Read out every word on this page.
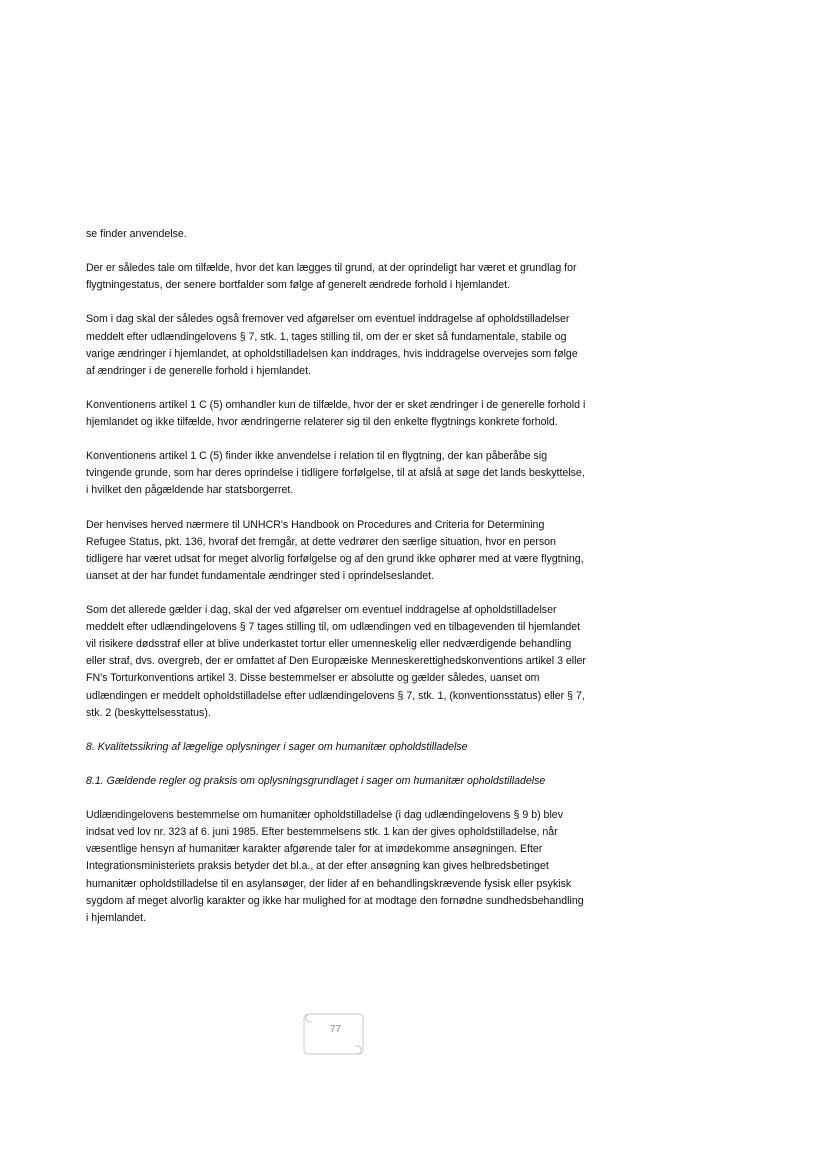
se finder anvendelse.

Der er således tale om tilfælde, hvor det kan lægges til grund, at der oprindeligt har været et grundlag for flygtningestatus, der senere bortfalder som følge af generelt ændrede forhold i hjemlandet.

Som i dag skal der således også fremover ved afgørelser om eventuel inddragelse af opholdstilladelser meddelt efter udlændingelovens § 7, stk. 1, tages stilling til, om der er sket så fundamentale, stabile og varige ændringer i hjemlandet, at opholdstilladelsen kan inddrages, hvis inddragelse overvejes som følge af ændringer i de generelle forhold i hjemlandet.

Konventionens artikel 1 C (5) omhandler kun de tilfælde, hvor der er sket ændringer i de generelle forhold i hjemlandet og ikke tilfælde, hvor ændringerne relaterer sig til den enkelte flygtnings konkrete forhold.

Konventionens artikel 1 C (5) finder ikke anvendelse i relation til en flygtning, der kan påberåbe sig tvingende grunde, som har deres oprindelse i tidligere forfølgelse, til at afslå at søge det lands beskyttelse, i hvilket den pågældende har statsborgerret.

Der henvises herved nærmere til UNHCR's Handbook on Procedures and Criteria for Determining Refugee Status, pkt. 136, hvoraf det fremgår, at dette vedrører den særlige situation, hvor en person tidligere har været udsat for meget alvorlig forfølgelse og af den grund ikke ophører med at være flygtning, uanset at der har fundet fundamentale ændringer sted i oprindelseslandet.

Som det allerede gælder i dag, skal der ved afgørelser om eventuel inddragelse af opholdstilladelser meddelt efter udlændingelovens § 7 tages stilling til, om udlændingen ved en tilbagevenden til hjemlandet vil risikere dødsstraf eller at blive underkastet tortur eller umenneskelig eller nedværdigende behandling eller straf, dvs. overgreb, der er omfattet af Den Europæiske Menneskerettighedskonventions artikel 3 eller FN's Torturkonventions artikel 3. Disse bestemmelser er absolutte og gælder således, uanset om udlændingen er meddelt opholdstilladelse efter udlændingelovens § 7, stk. 1, (konventionsstatus) eller § 7, stk. 2 (beskyttelsesstatus).

8. Kvalitetssikring af lægelige oplysninger i sager om humanitær opholdstilladelse

8.1. Gældende regler og praksis om oplysningsgrundlaget i sager om humanitær opholdstilladelse

Udlændingelovens bestemmelse om humanitær opholdstilladelse (i dag udlændingelovens § 9 b) blev indsat ved lov nr. 323 af 6. juni 1985. Efter bestemmelsens stk. 1 kan der gives opholdstilladelse, når væsentlige hensyn af humanitær karakter afgørende taler for at imødekomme ansøgningen. Efter Integrationsministeriets praksis betyder det bl.a., at der efter ansøgning kan gives helbredsbetinget humanitær opholdstilladelse til en asylansøger, der lider af en behandlingskrævende fysisk eller psykisk sygdom af meget alvorlig karakter og ikke har mulighed for at modtage den fornødne sundhedsbehandling i hjemlandet.

77
